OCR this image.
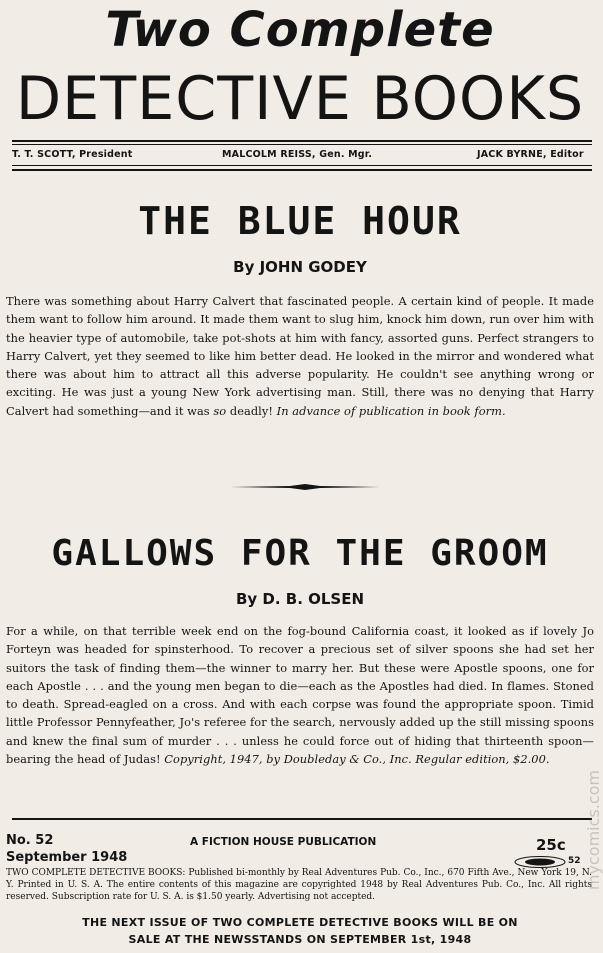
Two Complete
DETECTIVE BOOKS
T. T. SCOTT, President	MALCOLM REISS, Gen. Mgr.	JACK BYRNE, Editor
THE BLUE HOUR
By JOHN GODEY
There was something about Harry Calvert that fascinated people. A certain kind of people. It made them want to follow him around. It made them want to slug him, knock him down, run over him with the heavier type of automobile, take pot-shots at him with fancy, assorted guns. Perfect strangers to Harry Calvert, yet they seemed to like him better dead. He looked in the mirror and wondered what there was about him to attract all this adverse popularity. He couldn't see anything wrong or exciting. He was just a young New York advertising man. Still, there was no denying that Harry Calvert had something—and it was so deadly! In advance of publication in book form.
GALLOWS FOR THE GROOM
By D. B. OLSEN
For a while, on that terrible week end on the fog-bound California coast, it looked as if lovely Jo Forteyn was headed for spinsterhood. To recover a precious set of silver spoons she had set her suitors the task of finding them—the winner to marry her. But these were Apostle spoons, one for each Apostle . . . and the young men began to die—each as the Apostles had died. In flames. Stoned to death. Spread-eagled on a cross. And with each corpse was found the appropriate spoon. Timid little Professor Pennyfeather, Jo's referee for the search, nervously added up the still missing spoons and knew the final sum of murder . . . unless he could force out of hiding that thirteenth spoon—bearing the head of Judas! Copyright, 1947, by Doubleday & Co., Inc. Regular edition, $2.00.
No. 52
September 1948
A FICTION HOUSE PUBLICATION	25c
52
TWO COMPLETE DETECTIVE BOOKS: Published bi-monthly by Real Adventures Pub. Co., Inc., 670 Fifth Ave., New York 19, N. Y. Printed in U. S. A. The entire contents of this magazine are copyrighted 1948 by Real Adventures Pub. Co., Inc. All rights reserved. Subscription rate for U. S. A. is $1.50 yearly. Advertising not accepted.
THE NEXT ISSUE OF TWO COMPLETE DETECTIVE BOOKS WILL BE ON
SALE AT THE NEWSSTANDS ON SEPTEMBER 1st, 1948
mycomics.com
